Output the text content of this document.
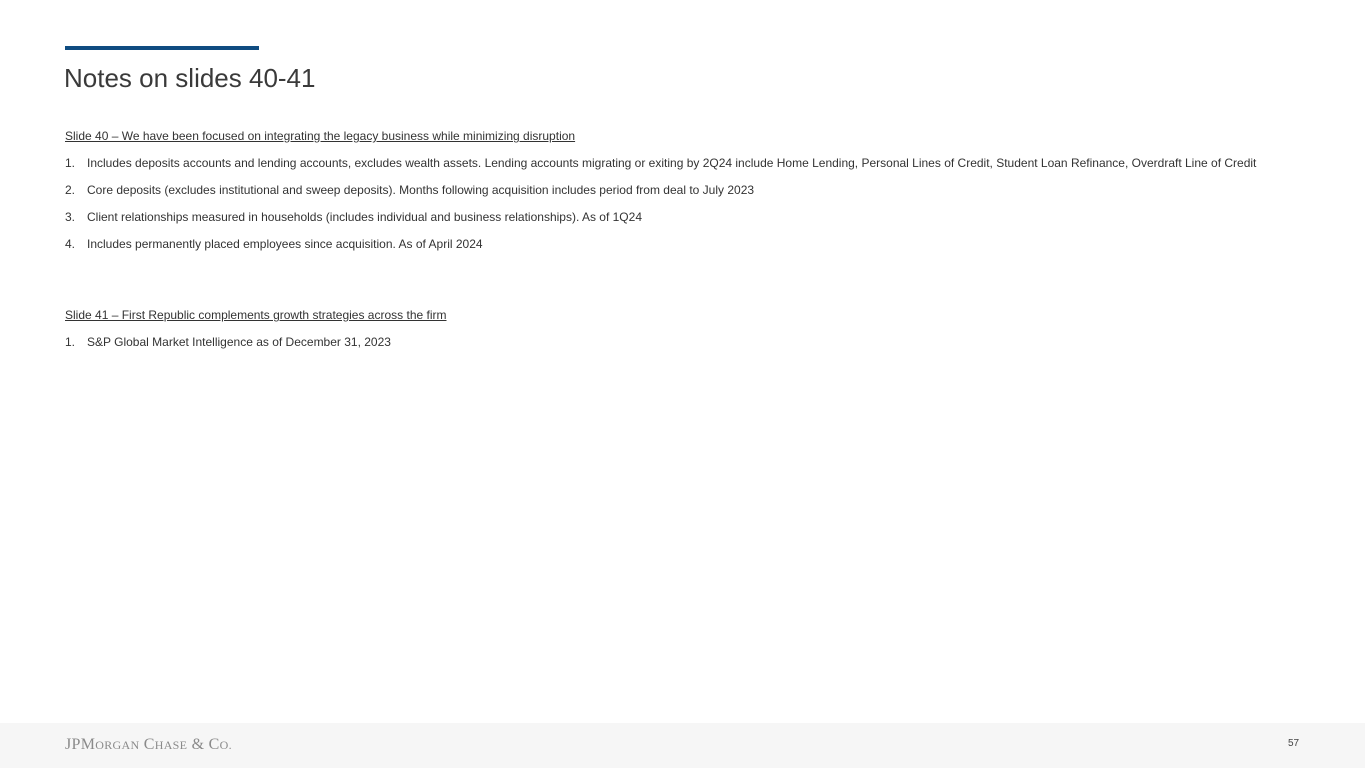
Notes on slides 40-41

Slide 40 – We have been focused on integrating the legacy business while minimizing disruption

1. Includes deposits accounts and lending accounts, excludes wealth assets. Lending accounts migrating or exiting by 2Q24 include Home Lending, Personal Lines of Credit, Student Loan Refinance, Overdraft Line of Credit
2. Core deposits (excludes institutional and sweep deposits). Months following acquisition includes period from deal to July 2023
3. Client relationships measured in households (includes individual and business relationships). As of 1Q24
4. Includes permanently placed employees since acquisition. As of April 2024

Slide 41 – First Republic complements growth strategies across the firm

1. S&P Global Market Intelligence as of December 31, 2023
JPMORGAN CHASE & CO.	57
